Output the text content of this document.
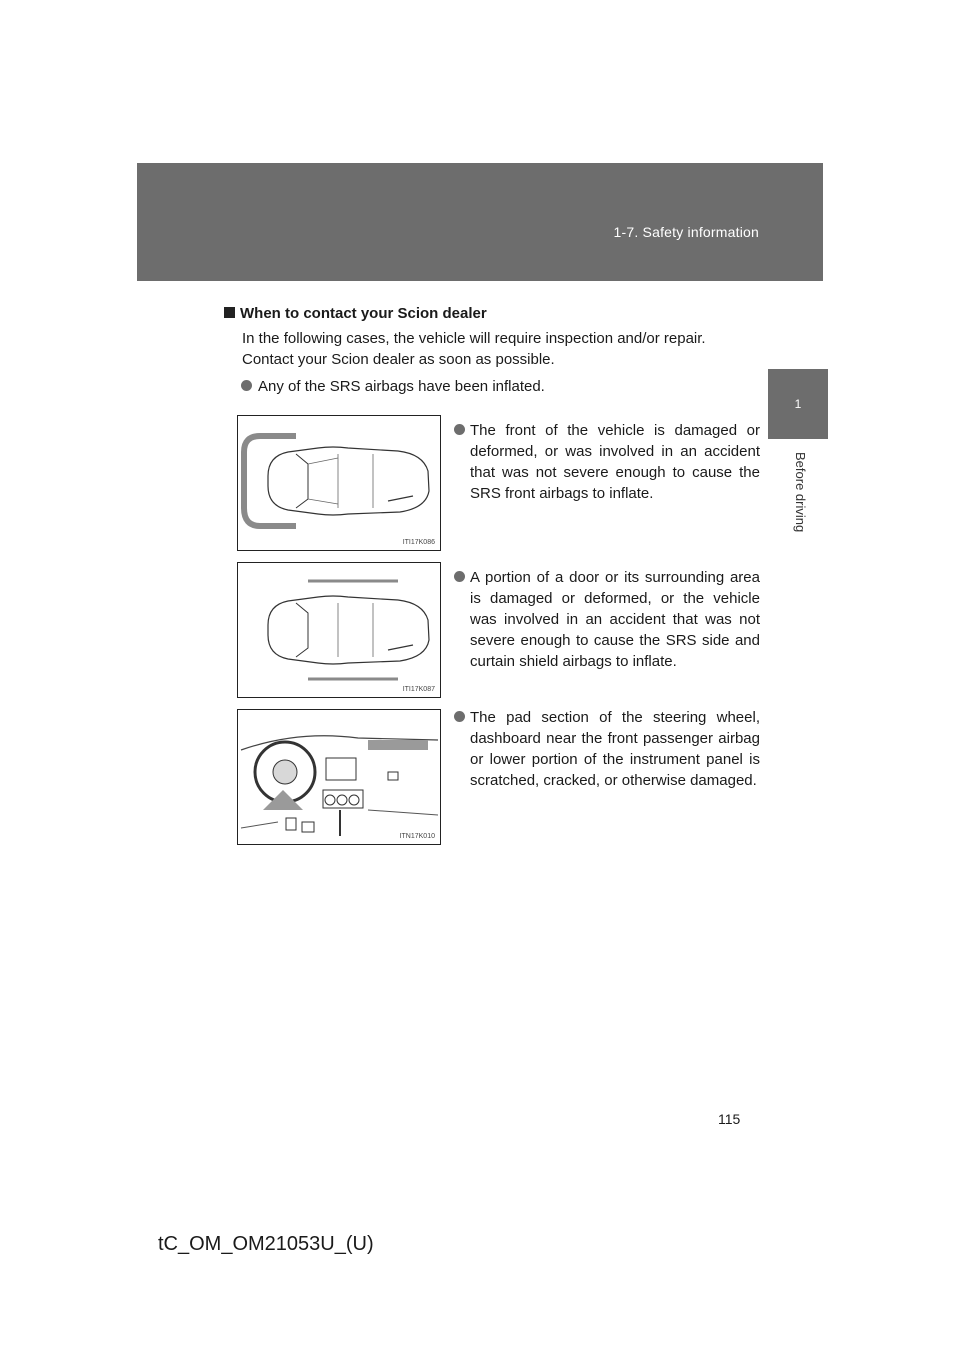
1-7. Safety information
1
Before driving
When to contact your Scion dealer
In the following cases, the vehicle will require inspection and/or repair. Contact your Scion dealer as soon as possible.
Any of the SRS airbags have been inflated.
ITI17K086
The front of the vehicle is damaged or deformed, or was involved in an accident that was not severe enough to cause the SRS front airbags to inflate.
ITI17K087
A portion of a door or its surrounding area is damaged or deformed, or the vehicle was involved in an accident that was not severe enough to cause the SRS side and curtain shield airbags to inflate.
ITN17K010
The pad section of the steering wheel, dashboard near the front passenger airbag or lower portion of the instrument panel is scratched, cracked, or otherwise damaged.
115
tC_OM_OM21053U_(U)
